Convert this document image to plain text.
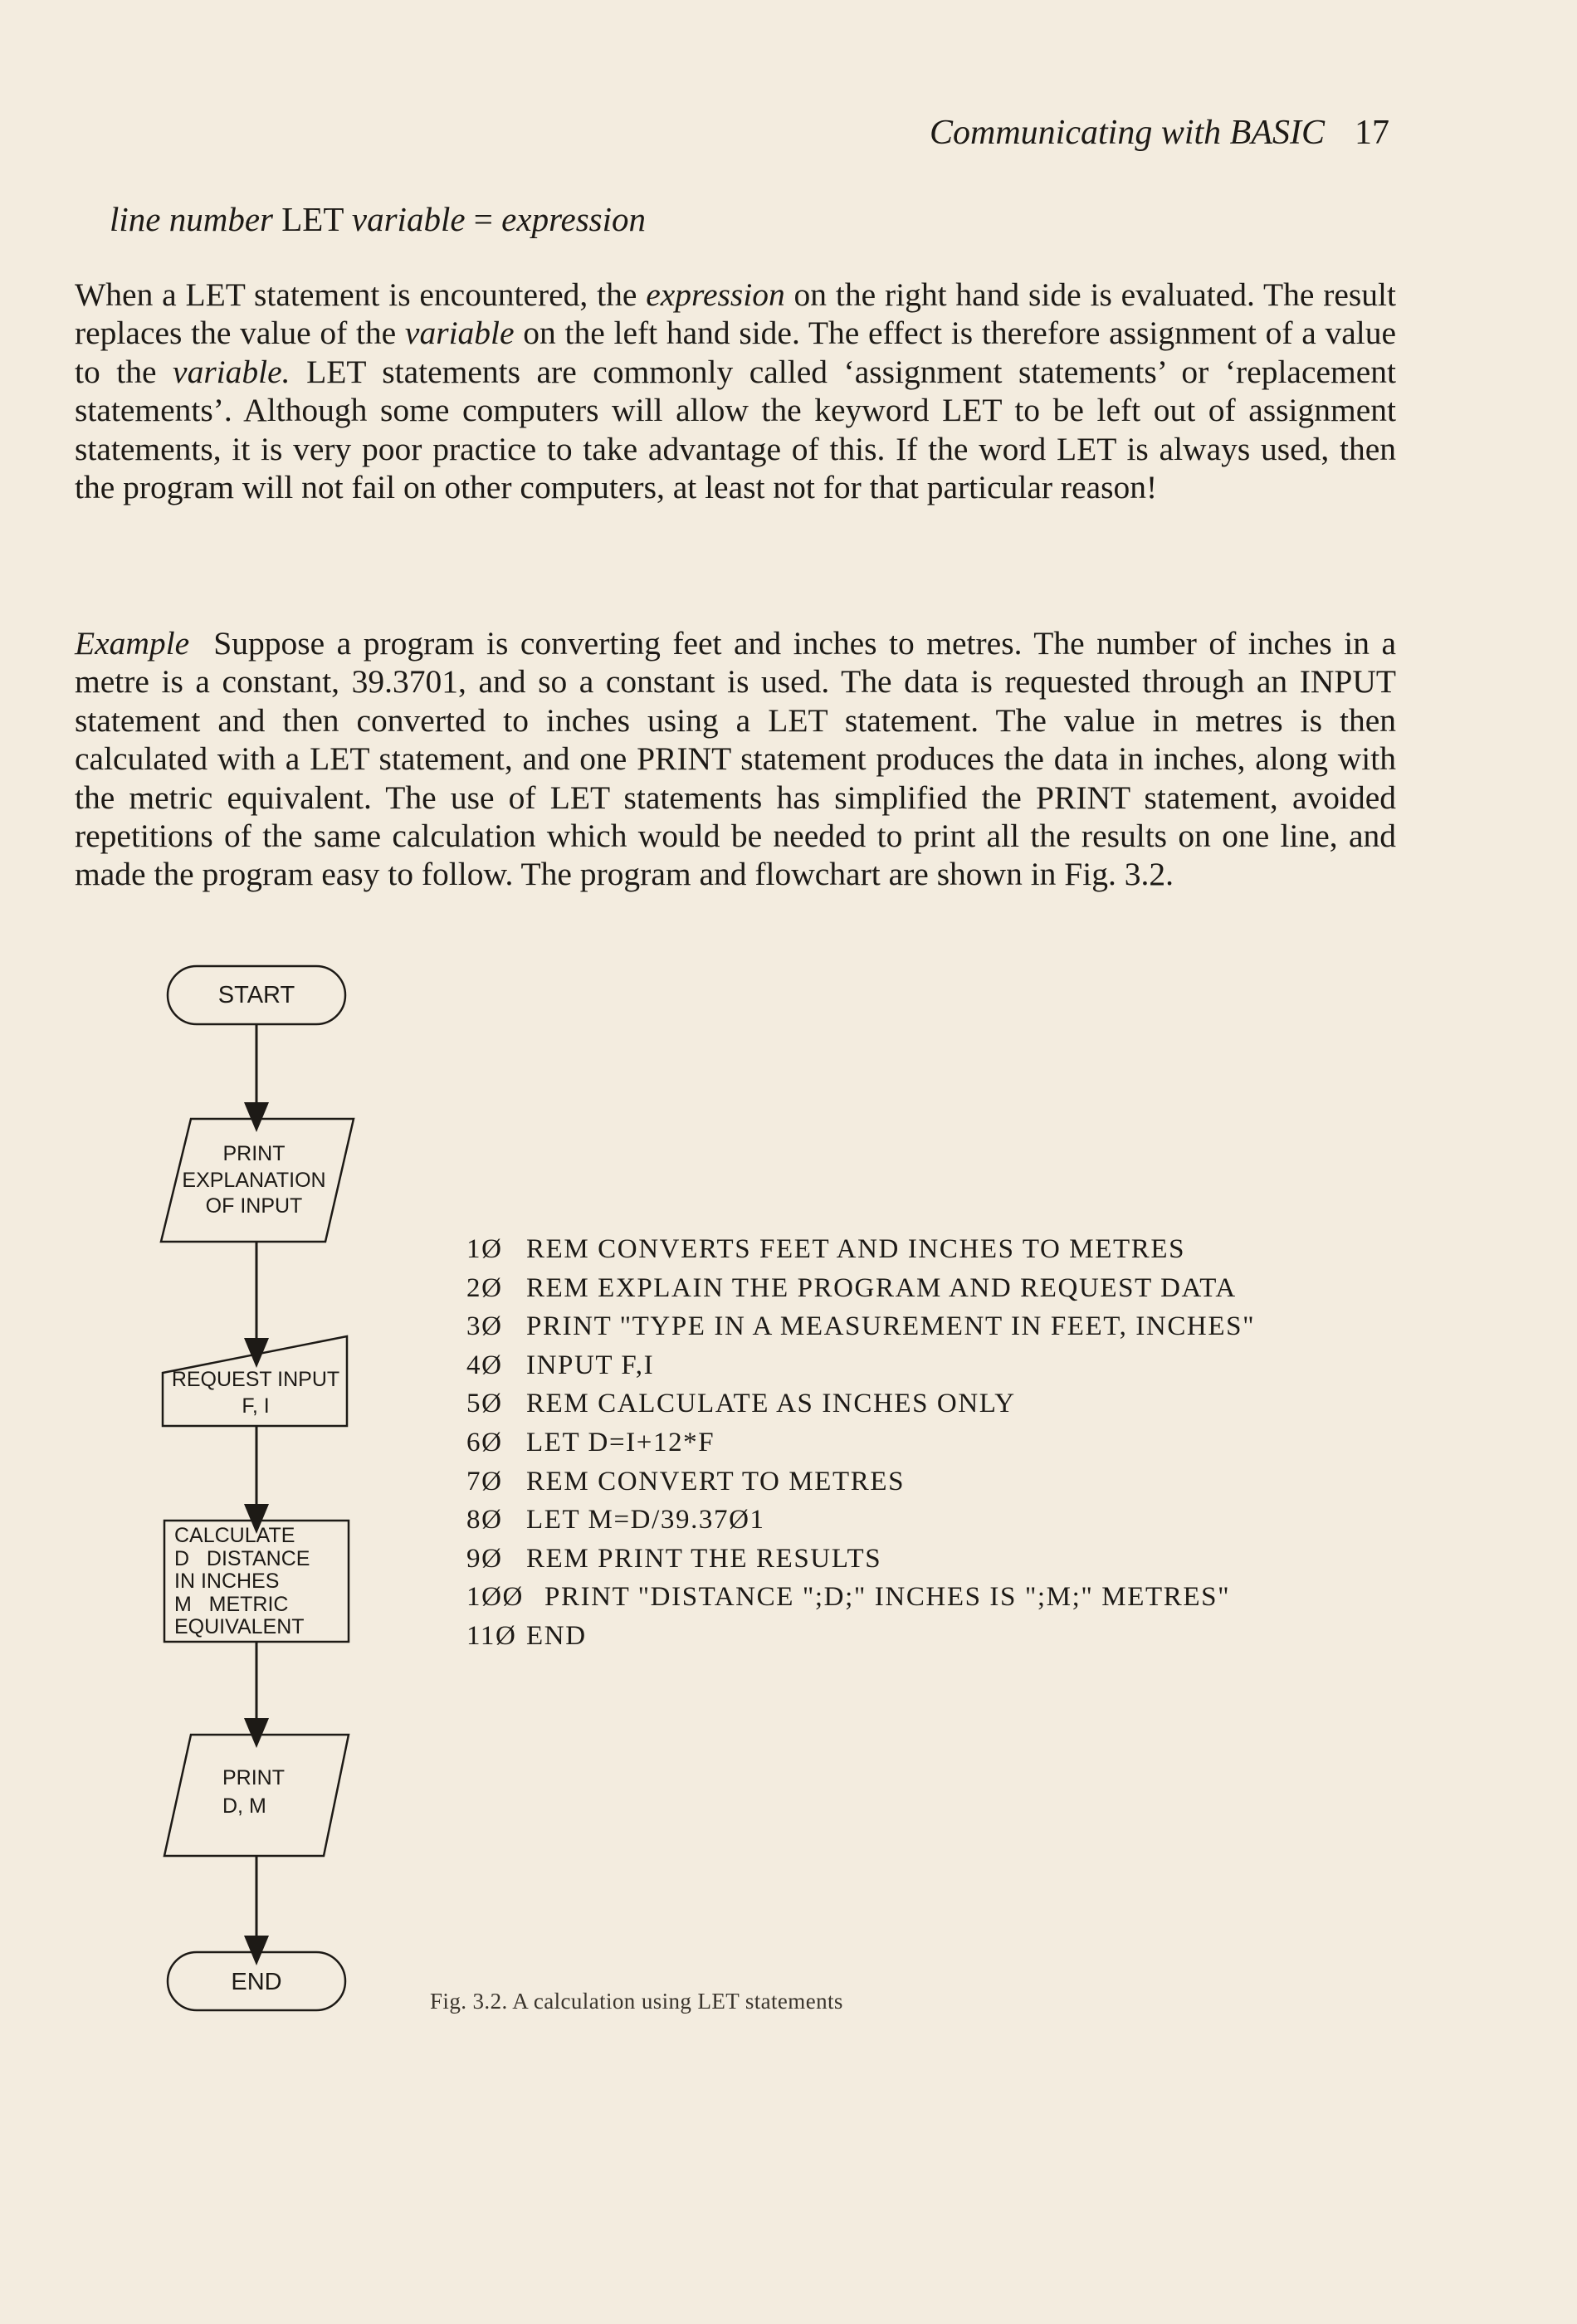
Communicating with BASIC 17
line number LET variable = expression

When a LET statement is encountered, the expression on the right hand side is evaluated. The result replaces the value of the variable on the left hand side. The effect is therefore assignment of a value to the variable. LET statements are commonly called ‘assignment statements’ or ‘replacement statements’. Although some computers will allow the keyword LET to be left out of assignment statements, it is very poor practice to take advantage of this. If the word LET is always used, then the program will not fail on other computers, at least not for that particular reason!

Example Suppose a program is converting feet and inches to metres. The number of inches in a metre is a constant, 39.3701, and so a constant is used. The data is requested through an INPUT statement and then converted to inches using a LET statement. The value in metres is then calculated with a LET statement, and one PRINT statement produces the data in inches, along with the metric equivalent. The use of LET statements has simplified the PRINT statement, avoided repetitions of the same calculation which would be needed to print all the results on one line, and made the program easy to follow. The program and flowchart are shown in Fig. 3.2.

START
PRINT
EXPLANATION
OF INPUT
REQUEST INPUT
F, I
CALCULATE
D   DISTANCE
IN INCHES
M   METRIC
EQUIVALENT
PRINT
D, M
END
1Ø REM CONVERTS FEET AND INCHES TO METRES
2Ø REM EXPLAIN THE PROGRAM AND REQUEST DATA
3Ø PRINT "TYPE IN A MEASUREMENT IN FEET, INCHES"
4Ø INPUT F,I
5Ø REM CALCULATE AS INCHES ONLY
6Ø LET D=I+12*F
7Ø REM CONVERT TO METRES
8Ø LET M=D/39.37Ø1
9Ø REM PRINT THE RESULTS
1ØØ PRINT "DISTANCE ";D;" INCHES IS ";M;" METRES"
11Ø END
Fig. 3.2. A calculation using LET statements
